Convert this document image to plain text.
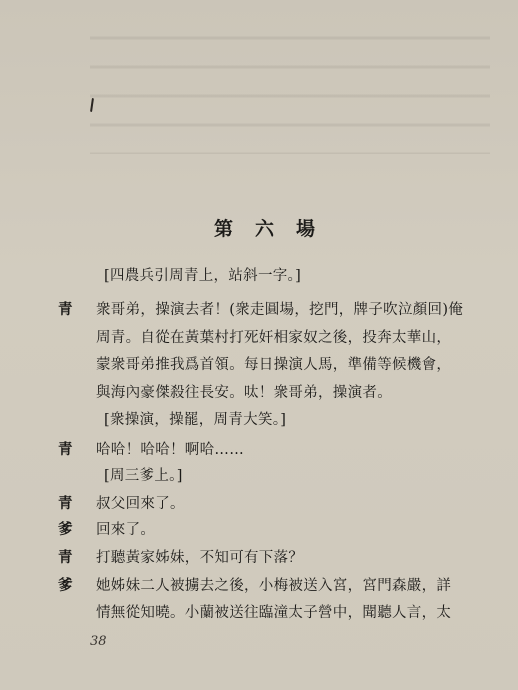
第六場
[四農兵引周青上，站斜一字。]
青 衆哥弟，操演去者！(衆走圓場，挖門，牌子吹泣顏回)俺
周青。自從在黃葉村打死奸相家奴之後，投奔太華山，
蒙衆哥弟推我爲首領。每日操演人馬，準備等候機會，
與海內豪傑殺往長安。呔！衆哥弟，操演者。
[衆操演，操罷，周青大笑。]
青 哈哈！哈哈！啊哈……
[周三爹上。]
青 叔父回來了。
爹 回來了。
青 打聽黃家姊妹，不知可有下落？
爹 她姊妹二人被擄去之後，小梅被送入宮，宮門森嚴，詳
情無從知曉。小蘭被送往臨潼太子營中，聞聽人言，太
38
